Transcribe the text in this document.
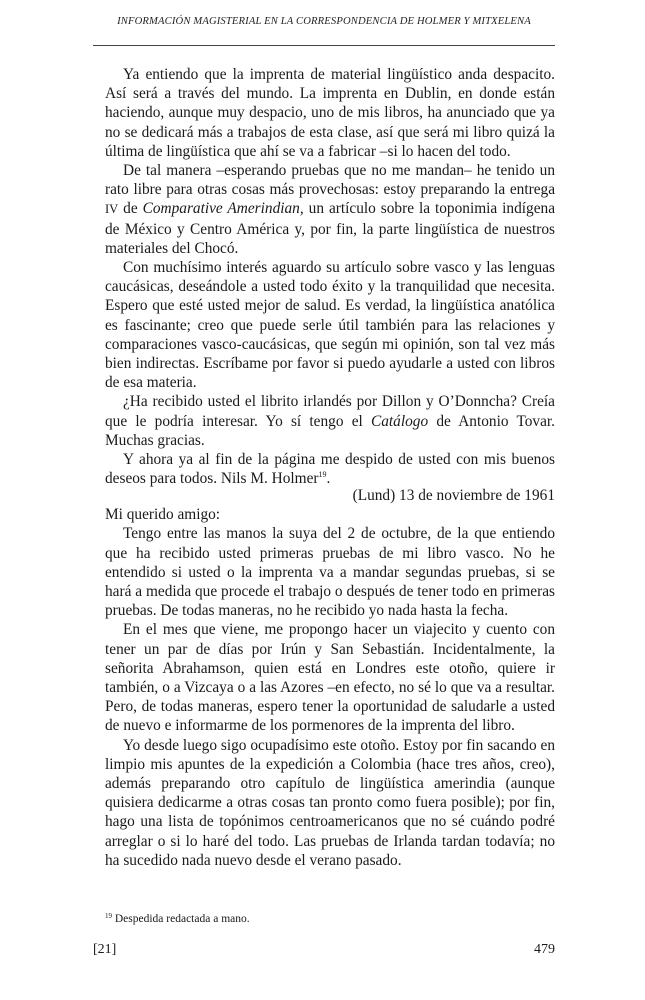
INFORMACIÓN MAGISTERIAL EN LA CORRESPONDENCIA DE HOLMER Y MITXELENA

Ya entiendo que la imprenta de material lingüístico anda despacito. Así será a través del mundo. La imprenta en Dublin, en donde están haciendo, aunque muy despacio, uno de mis libros, ha anunciado que ya no se dedicará más a trabajos de esta clase, así que será mi libro quizá la última de lingüística que ahí se va a fabricar –si lo hacen del todo.

De tal manera –esperando pruebas que no me mandan– he tenido un rato libre para otras cosas más provechosas: estoy preparando la entrega IV de Comparative Amerindian, un artículo sobre la toponimia indígena de México y Centro América y, por fin, la parte lingüística de nuestros materiales del Chocó.

Con muchísimo interés aguardo su artículo sobre vasco y las lenguas caucásicas, deseándole a usted todo éxito y la tranquilidad que necesita. Espero que esté usted mejor de salud. Es verdad, la lingüística anatólica es fascinante; creo que puede serle útil también para las relaciones y comparaciones vasco-caucásicas, que según mi opinión, son tal vez más bien indirectas. Escríbame por favor si puedo ayudarle a usted con libros de esa materia.

¿Ha recibido usted el librito irlandés por Dillon y O’Donncha? Creía que le podría interesar. Yo sí tengo el Catálogo de Antonio Tovar. Muchas gracias.

Y ahora ya al fin de la página me despido de usted con mis buenos deseos para todos. Nils M. Holmer$^{19}$.

(Lund) 13 de noviembre de 1961

Mi querido amigo:

Tengo entre las manos la suya del 2 de octubre, de la que entiendo que ha recibido usted primeras pruebas de mi libro vasco. No he entendido si usted o la imprenta va a mandar segundas pruebas, si se hará a medida que procede el trabajo o después de tener todo en primeras pruebas. De todas maneras, no he recibido yo nada hasta la fecha.

En el mes que viene, me propongo hacer un viajecito y cuento con tener un par de días por Irún y San Sebastián. Incidentalmente, la señorita Abrahamson, quien está en Londres este otoño, quiere ir también, o a Vizcaya o a las Azores –en efecto, no sé lo que va a resultar. Pero, de todas maneras, espero tener la oportunidad de saludarle a usted de nuevo e informarme de los pormenores de la imprenta del libro.

Yo desde luego sigo ocupadísimo este otoño. Estoy por fin sacando en limpio mis apuntes de la expedición a Colombia (hace tres años, creo), además preparando otro capítulo de lingüística amerindia (aunque quisiera dedicarme a otras cosas tan pronto como fuera posible); por fin, hago una lista de topónimos centroamericanos que no sé cuándo podré arreglar o si lo haré del todo. Las pruebas de Irlanda tardan todavía; no ha sucedido nada nuevo desde el verano pasado.

$^{19}$ Despedida redactada a mano.
[21]	479
